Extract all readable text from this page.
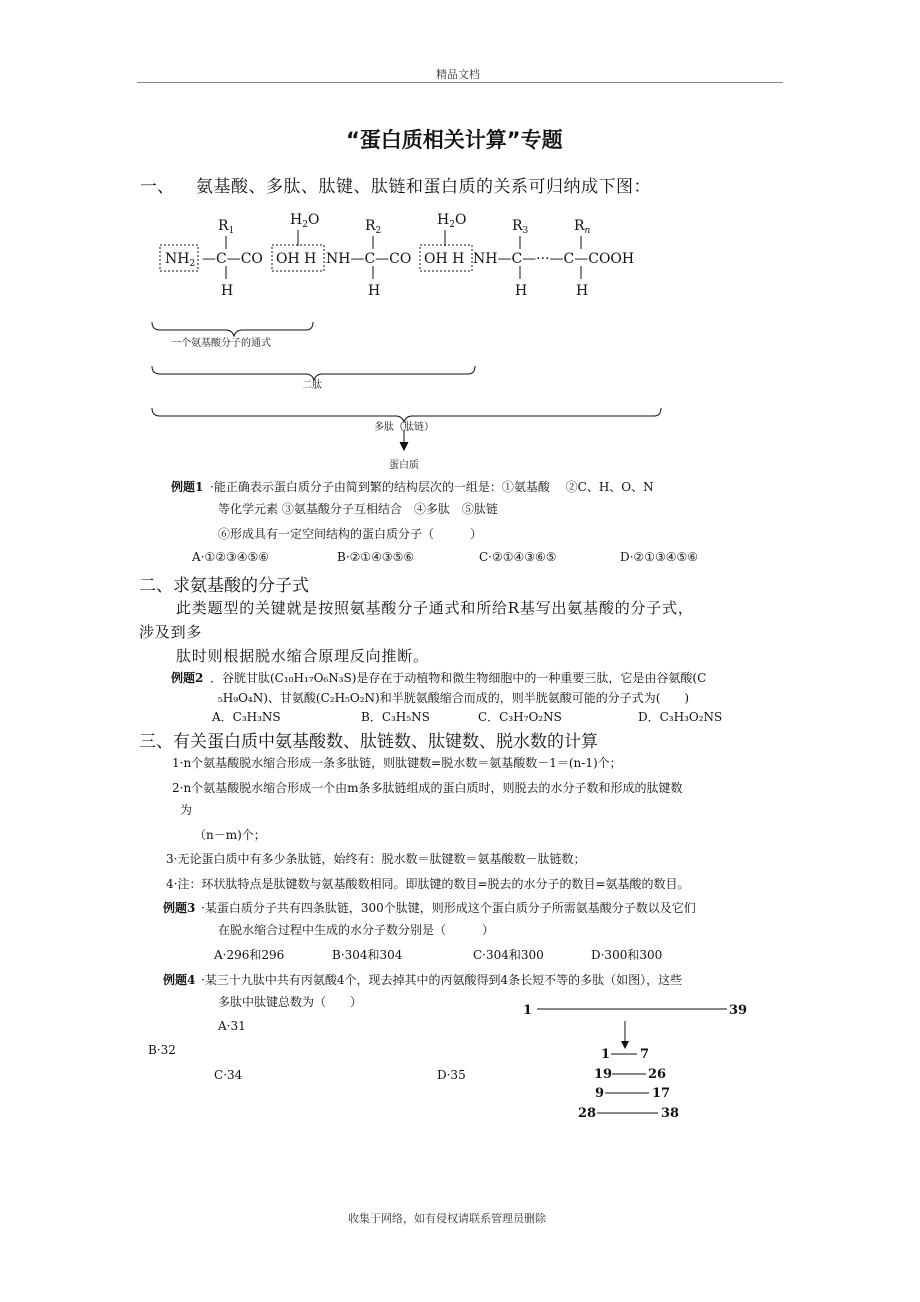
精品文档
“蛋白质相关计算”专题
一、 氨基酸、多肽、肽键、肽链和蛋白质的关系可归纳成下图：
$R_1$	$R_2$	$R_3$	$R_n$
$H_2O$	$H_2O$
$NH_2$ —C—CO OH H NH—C—CO OH H NH—C—···—C—COOH
H	H	H	H
一个氨基酸分子的通式
二肽
多肽（肽链）
蛋白质
例题1 ·能正确表示蛋白质分子由简到繁的结构层次的一组是：①氨基酸　 ②C、H、O、N
等化学元素 ③氨基酸分子互相结合　④多肽　⑤肽链
⑥形成具有一定空间结构的蛋白质分子（　　　）
A·①②③④⑤⑥	B·②①④③⑤⑥	C·②①④③⑥⑤	D·②①③④⑤⑥
二、求氨基酸的分子式
此类题型的关键就是按照氨基酸分子通式和所给R基写出氨基酸的分子式，
涉及到多
肽时则根据脱水缩合原理反向推断。
例题2 ．谷胱甘肽(C₁₀H₁₇O₆N₃S)是存在于动植物和微生物细胞中的一种重要三肽，它是由谷氨酸(C
₅H₉O₄N)、甘氨酸(C₂H₅O₂N)和半胱氨酸缩合而成的，则半胱氨酸可能的分子式为(　　)
A．C₃H₃NS	B．C₃H₅NS	C．C₃H₇O₂NS	D．C₃H₃O₂NS
三、有关蛋白质中氨基酸数、肽链数、肽键数、脱水数的计算
1·n个氨基酸脱水缩合形成一条多肽链，则肽键数=脱水数＝氨基酸数－1＝(n-1)个；
2·n个氨基酸脱水缩合形成一个由m条多肽链组成的蛋白质时，则脱去的水分子数和形成的肽键数
为
（n－m)个；
3·无论蛋白质中有多少条肽链，始终有：脱水数＝肽键数＝氨基酸数－肽链数；
4·注：环状肽特点是肽键数与氨基酸数相同。即肽键的数目=脱去的水分子的数目=氨基酸的数目。
例题3 ·某蛋白质分子共有四条肽链，300个肽键，则形成这个蛋白质分子所需氨基酸分子数以及它们
在脱水缩合过程中生成的水分子数分别是（　　　）
A·296和296	B·304和304	C·304和300	D·300和300
例题4 ·某三十九肽中共有丙氨酸4个，现去掉其中的丙氨酸得到4条长短不等的多肽（如图），这些
多肽中肽键总数为（　　）
A·31
B·32
C·34	D·35
1	39
1 7
19	26
9	17
28	38
收集于网络，如有侵权请联系管理员删除
